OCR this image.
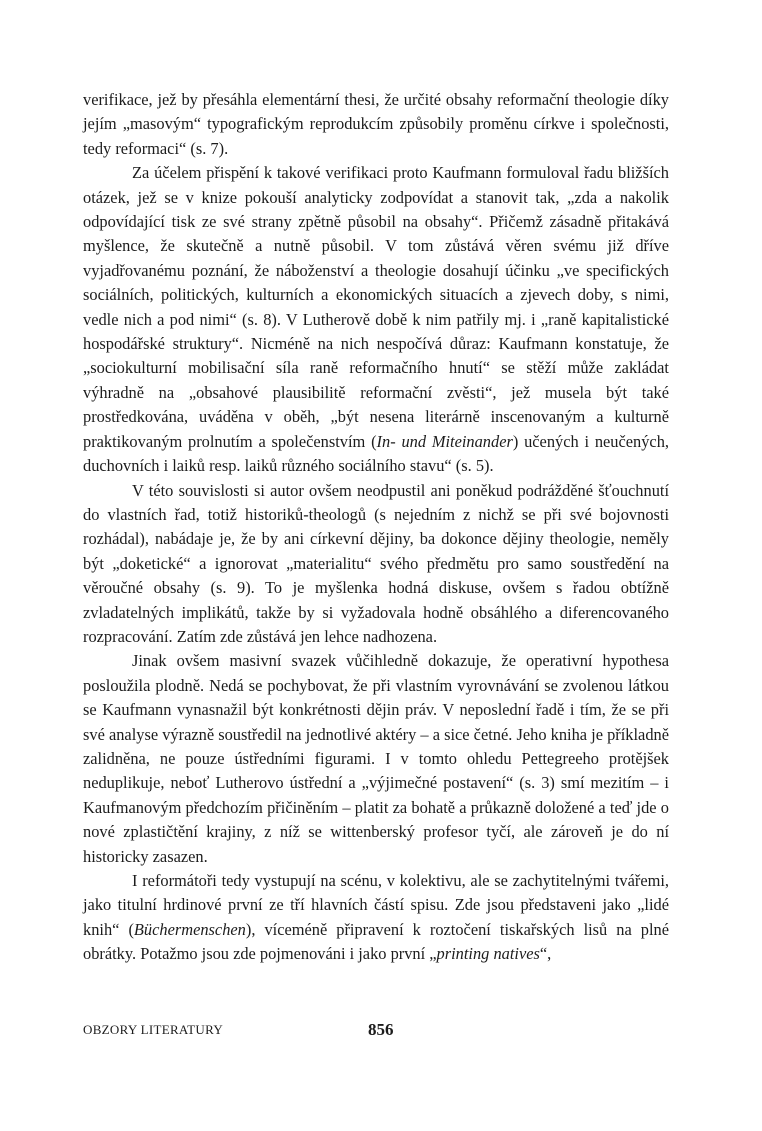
verifikace, jež by přesáhla elementární thesi, že určité obsahy reformační theologie díky jejím „masovým“ typografickým reprodukcím způsobily proměnu církve i společnosti, tedy reformaci“ (s. 7).

Za účelem přispění k takové verifikaci proto Kaufmann formuloval řadu bližších otázek, jež se v knize pokouší analyticky zodpovídat a stanovit tak, „zda a nakolik odpovídající tisk ze své strany zpětně působil na obsahy“. Přičemž zásadně přitakává myšlence, že skutečně a nutně působil. V tom zůstává věren svému již dříve vyjadřovanému poznání, že náboženství a theologie dosahují účinku „ve specifických sociálních, politických, kulturních a ekonomických situacích a zjevech doby, s nimi, vedle nich a pod nimi“ (s. 8). V Lutherově době k nim patřily mj. i „raně kapitalistické hospodářské struktury“. Nicméně na nich nespočívá důraz: Kaufmann konstatuje, že „sociokulturní mobilisační síla raně reformačního hnutí“ se stěží může zakládat výhradně na „obsahové plausibilitě reformační zvěsti“, jež musela být také prostředkována, uváděna v oběh, „být nesena literárně inscenovaným a kulturně praktikovaným prolnutím a společenstvím (In- und Miteinander) učených i neučených, duchovních i laiků resp. laiků různého sociálního stavu“ (s. 5).

V této souvislosti si autor ovšem neodpustil ani poněkud podrážděné šťouchnutí do vlastních řad, totiž historiků-theologů (s nejedním z nichž se při své bojovnosti rozhádal), nabádaje je, že by ani církevní dějiny, ba dokonce dějiny theologie, neměly být „doketické“ a ignorovat „materialitu“ svého předmětu pro samo soustředění na věroučné obsahy (s. 9). To je myšlenka hodná diskuse, ovšem s řadou obtížně zvladatelných implikátů, takže by si vyžadovala hodně obsáhlého a diferencovaného rozpracování. Zatím zde zůstává jen lehce nadhozena.

Jinak ovšem masivní svazek vůčihledně dokazuje, že operativní hypothesa posloužila plodně. Nedá se pochybovat, že při vlastním vyrovnávání se zvolenou látkou se Kaufmann vynasnažil být konkrétnosti dějin práv. V neposlední řadě i tím, že se při své analyse výrazně soustředil na jednotlivé aktéry – a sice četné. Jeho kniha je příkladně zalidněna, ne pouze ústředními figurami. I v tomto ohledu Pettegreeho protějšek neduplikuje, neboť Lutherovo ústřední a „výjimečné postavení“ (s. 3) smí mezitím – i Kaufmanovým předchozím přičiněním – platit za bohatě a průkazně doložené a teď jde o nové zplastičtění krajiny, z níž se wittenberský profesor tyčí, ale zároveň je do ní historicky zasazen.

I reformátoři tedy vystupují na scénu, v kolektivu, ale se zachytitelnými tvářemi, jako titulní hrdinové první ze tří hlavních částí spisu. Zde jsou představeni jako „lidé knih“ (Büchermenschen), víceméně připravení k roztočení tiskařských lisů na plné obrátky. Potažmo jsou zde pojmenováni i jako první „printing natives“,

OBZORY LITERATURY	856
